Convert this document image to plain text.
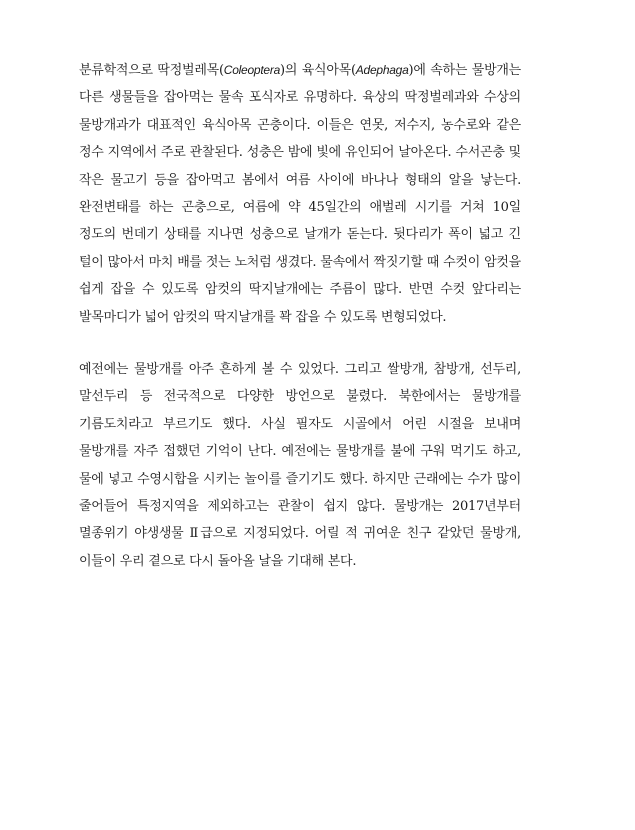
분류학적으로 딱정벌레목(Coleoptera)의 육식아목(Adephaga)에 속하는 물방개는 다른 생물들을 잡아먹는 물속 포식자로 유명하다. 육상의 딱정벌레과와 수상의 물방개과가 대표적인 육식아목 곤충이다. 이들은 연못, 저수지, 농수로와 같은 정수 지역에서 주로 관찰된다. 성충은 밤에 빛에 유인되어 날아온다. 수서곤충 및 작은 물고기 등을 잡아먹고 봄에서 여름 사이에 바나나 형태의 알을 낳는다. 완전변태를 하는 곤충으로, 여름에 약 45일간의 애벌레 시기를 거쳐 10일 정도의 번데기 상태를 지나면 성충으로 날개가 돋는다. 뒷다리가 폭이 넓고 긴 털이 많아서 마치 배를 젓는 노처럼 생겼다. 물속에서 짝짓기할 때 수컷이 암컷을 쉽게 잡을 수 있도록 암컷의 딱지날개에는 주름이 많다. 반면 수컷 앞다리는 발목마디가 넓어 암컷의 딱지날개를 꽉 잡을 수 있도록 변형되었다.

예전에는 물방개를 아주 흔하게 볼 수 있었다. 그리고 쌀방개, 참방개, 선두리, 말선두리 등 전국적으로 다양한 방언으로 불렸다. 북한에서는 물방개를 기름도치라고 부르기도 했다. 사실 필자도 시골에서 어린 시절을 보내며 물방개를 자주 접했던 기억이 난다. 예전에는 물방개를 불에 구워 먹기도 하고, 물에 넣고 수영시합을 시키는 놀이를 즐기기도 했다. 하지만 근래에는 수가 많이 줄어들어 특정지역을 제외하고는 관찰이 쉽지 않다. 물방개는 2017년부터 멸종위기 야생생물 Ⅱ급으로 지정되었다. 어릴 적 귀여운 친구 같았던 물방개, 이들이 우리 곁으로 다시 돌아올 날을 기대해 본다.
